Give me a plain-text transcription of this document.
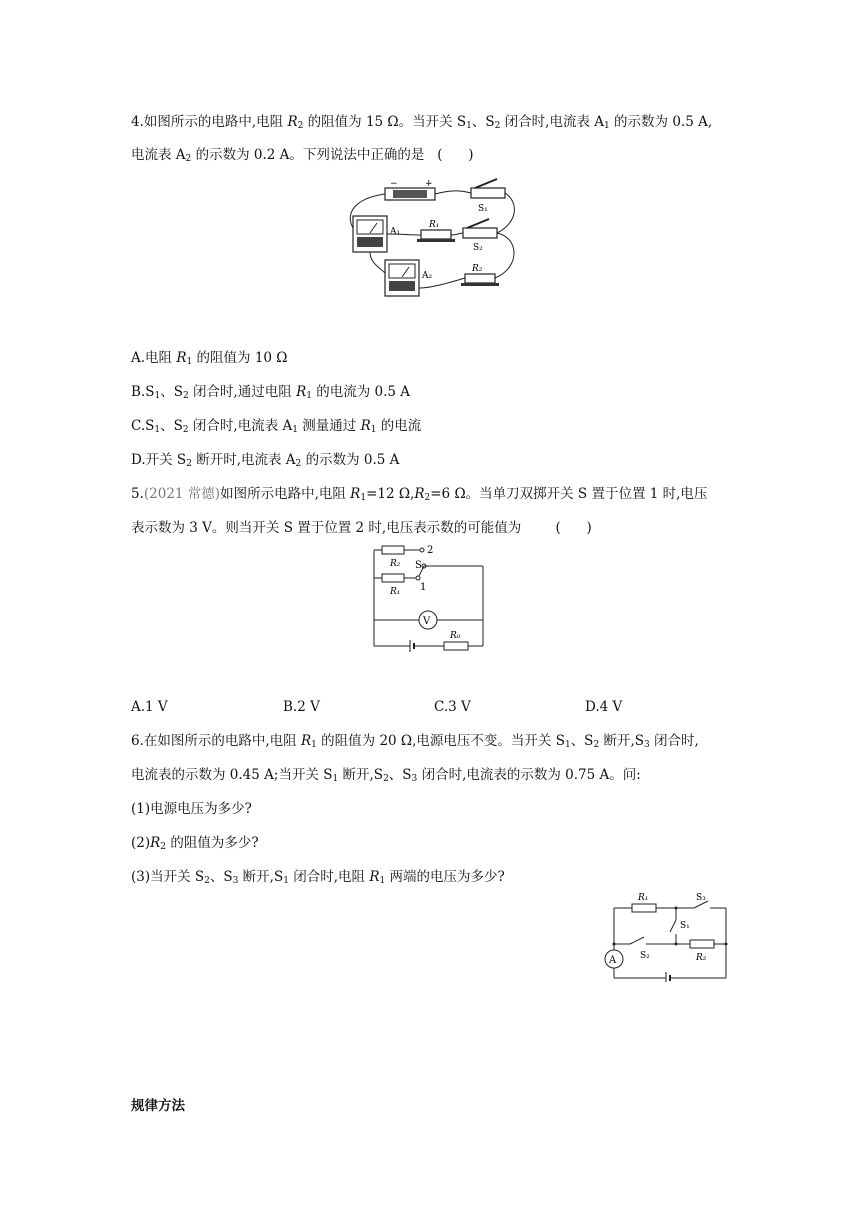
4.如图所示的电路中,电阻 $R_2$ 的阻值为 15 Ω。当开关 $S_1$、$S_2$ 闭合时,电流表 $A_1$ 的示数为 0.5 A,
电流表 $A_2$ 的示数为 0.2 A。下列说法中正确的是   (      )
−	+
S₁
S₂
R₁
R₂
A₁
A₂
A.电阻 $R_1$ 的阻值为 10 Ω
$B.S_1$、$S_2$ 闭合时,通过电阻 $R_1$ 的电流为 0.5 A
$C.S_1$、$S_2$ 闭合时,电流表 $A_1$ 测量通过 $R_1$ 的电流
D.开关 $S_2$ 断开时,电流表 $A_2$ 的示数为 0.5 A
5.(2021 常德)如图所示电路中,电阻 $R_1=12$ $\Omega,R_2=6$ Ω。当单刀双掷开关 S 置于位置 1 时,电压
表示数为 3 V。则当开关 S 置于位置 2 时,电压表示数的可能值为        (      )
2
R₂ S
1
R₁
V
R₀
A.1 V	B.2 V	C.3 V	D.4 V
6.在如图所示的电路中,电阻 $R_1$ 的阻值为 20 Ω,电源电压不变。当开关 $S_1$、$S_2$ 断开$,S_3$ 闭合时,
电流表的示数为 0.45 A;当开关 $S_1$ 断开$,S_2$、$S_3$ 闭合时,电流表的示数为 0.75 A。问:
(1)电源电压为多少?
$(2)R_2$ 的阻值为多少?
(3)当开关 $S_2$、$S_3$ 断开$,S_1$ 闭合时,电阻 $R_1$ 两端的电压为多少?
R₁	S₃
S₁
S₂	R₂
A
规律方法
